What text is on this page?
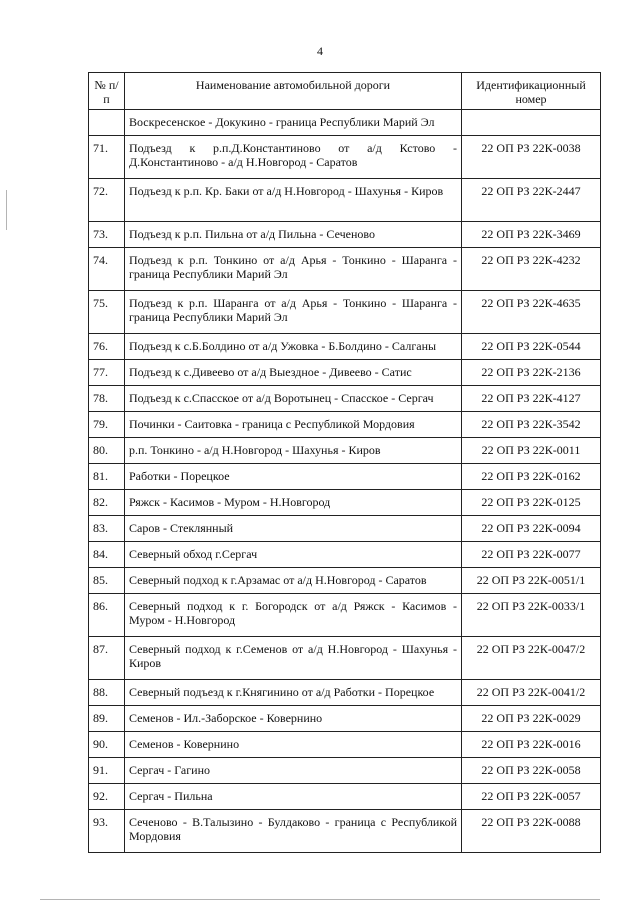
4
№ п/п	Наименование автомобильной дороги	Идентификационный номер
	Воскресенское - Докукино - граница Республики Марий Эл	
71.	Подъезд к р.п.Д.Константиново от а/д Кстово - Д.Константиново - а/д Н.Новгород - Саратов	22 ОП РЗ 22К-0038
72.	Подъезд к р.п. Кр. Баки от а/д Н.Новгород - Шахунья - Киров	22 ОП РЗ 22К-2447
73.	Подъезд к р.п. Пильна от а/д Пильна - Сеченово	22 ОП РЗ 22К-3469
74.	Подъезд к р.п. Тонкино от а/д Арья - Тонкино - Шаранга - граница Республики Марий Эл	22 ОП РЗ 22К-4232
75.	Подъезд к р.п. Шаранга от а/д Арья - Тонкино - Шаранга - граница Республики Марий Эл	22 ОП РЗ 22К-4635
76.	Подъезд к с.Б.Болдино от а/д Ужовка - Б.Болдино - Салганы	22 ОП РЗ 22К-0544
77.	Подъезд к с.Дивеево от а/д Выездное - Дивеево - Сатис	22 ОП РЗ 22К-2136
78.	Подъезд к с.Спасское от а/д Воротынец - Спасское - Сергач	22 ОП РЗ 22К-4127
79.	Починки - Саитовка - граница с Республикой Мордовия	22 ОП РЗ 22К-3542
80.	р.п. Тонкино - а/д Н.Новгород - Шахунья - Киров	22 ОП РЗ 22К-0011
81.	Работки - Порецкое	22 ОП РЗ 22К-0162
82.	Ряжск - Касимов - Муром - Н.Новгород	22 ОП РЗ 22К-0125
83.	Саров - Стеклянный	22 ОП РЗ 22К-0094
84.	Северный обход г.Сергач	22 ОП РЗ 22К-0077
85.	Северный подход к г.Арзамас от а/д Н.Новгород - Саратов	22 ОП РЗ 22К-0051/1
86.	Северный подход к г. Богородск от а/д Ряжск - Касимов - Муром - Н.Новгород	22 ОП РЗ 22К-0033/1
87.	Северный подход к г.Семенов от а/д Н.Новгород - Шахунья - Киров	22 ОП РЗ 22К-0047/2
88.	Северный подъезд к г.Княгинино от а/д Работки - Порецкое	22 ОП РЗ 22К-0041/2
89.	Семенов - Ил.-Заборское - Ковернино	22 ОП РЗ 22К-0029
90.	Семенов - Ковернино	22 ОП РЗ 22К-0016
91.	Сергач - Гагино	22 ОП РЗ 22К-0058
92.	Сергач - Пильна	22 ОП РЗ 22К-0057
93.	Сеченово - В.Талызино - Булдаково - граница с Республикой Мордовия	22 ОП РЗ 22К-0088
